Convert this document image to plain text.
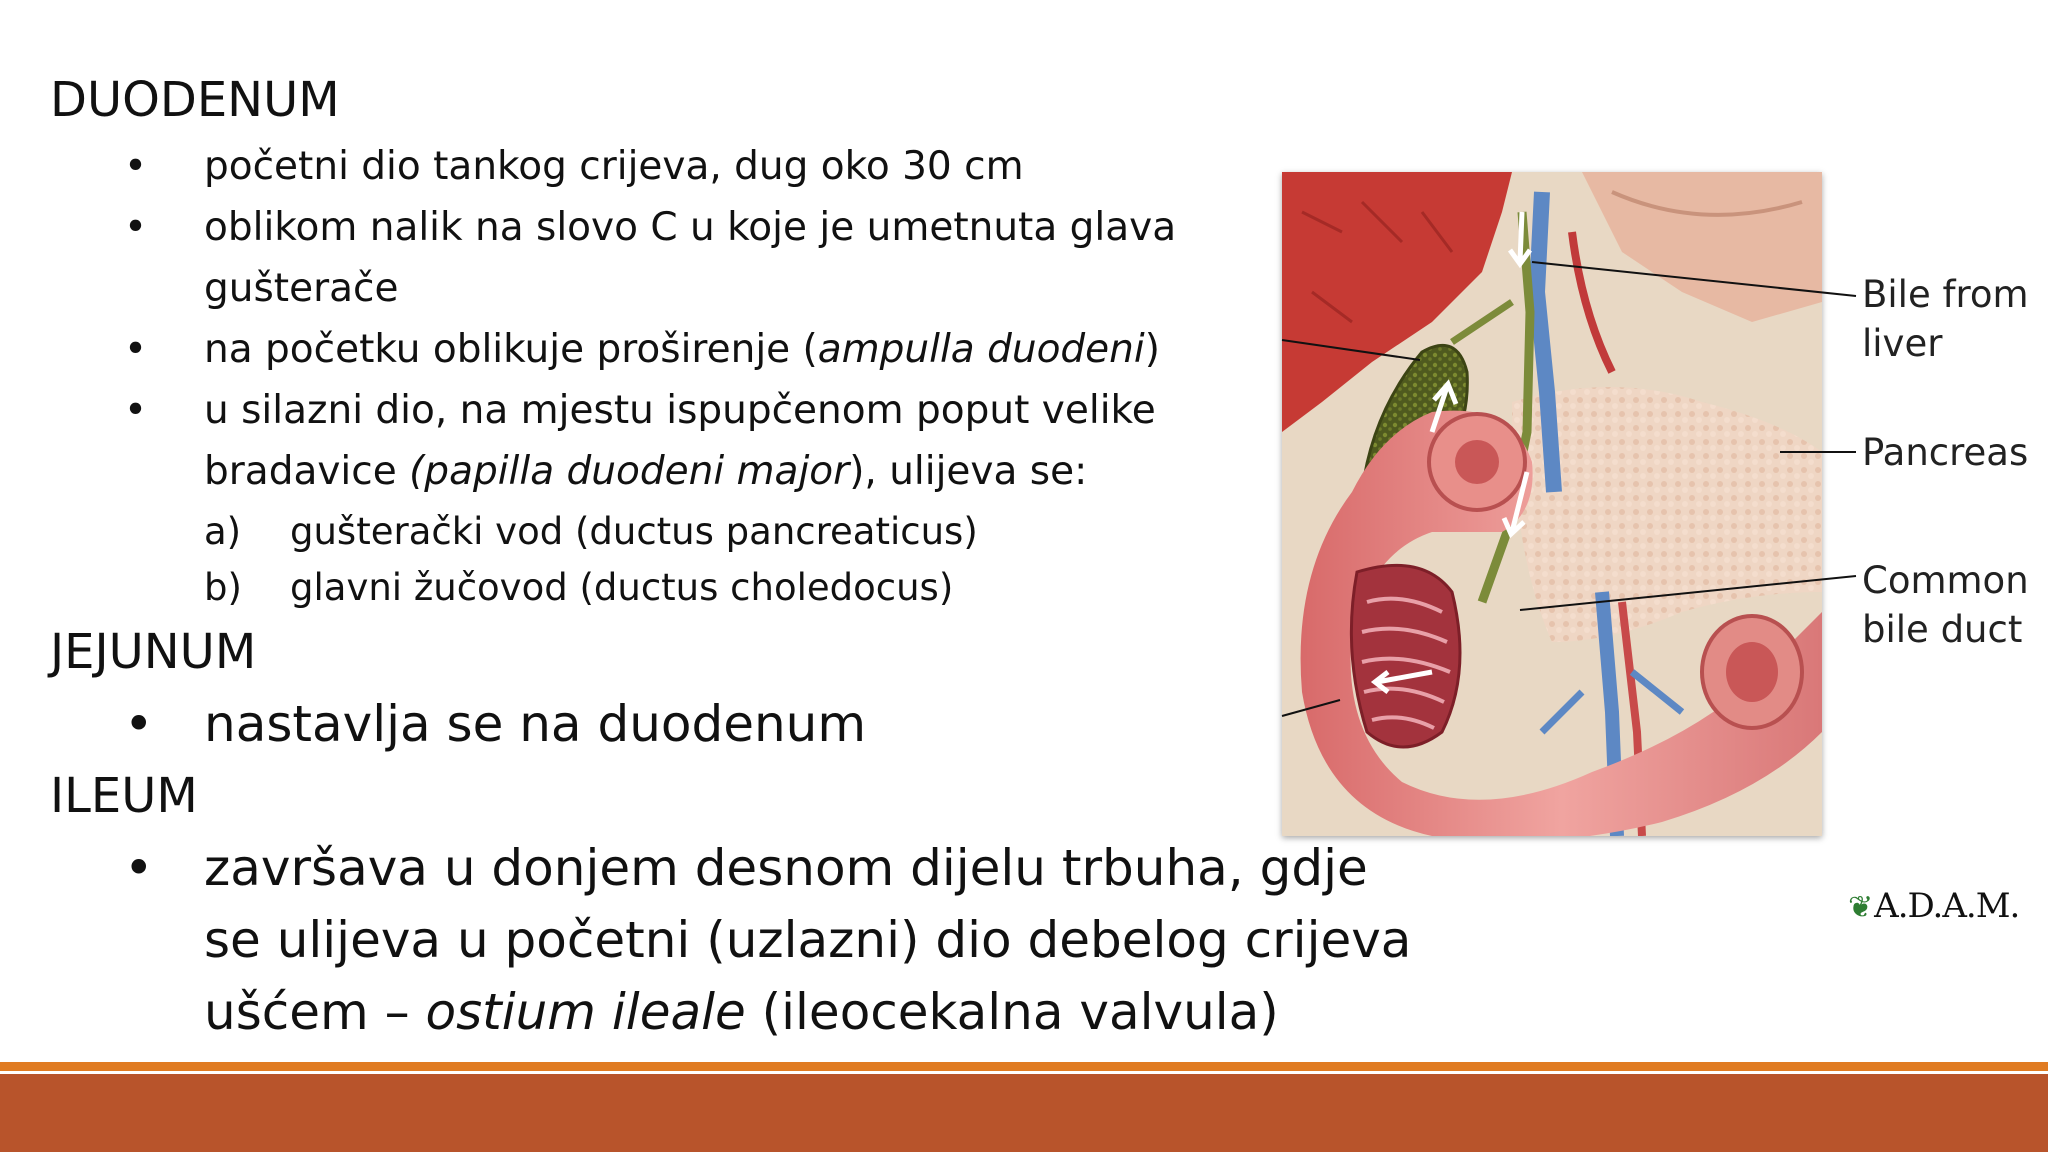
DUODENUM
• početni dio tankog crijeva, dug oko 30 cm
• oblikom nalik na slovo C u koje je umetnuta glava
gušterače
• na početku oblikuje proširenje (ampulla duodeni)
• u silazni dio, na mjestu ispupčenom poput velike
bradavice (papilla duodeni major), ulijeva se:
a) gušterački vod (ductus pancreaticus)
b) glavni žučovod (ductus choledocus)
JEJUNUM
• nastavlja se na duodenum
ILEUM
• završava u donjem desnom dijelu trbuha, gdje
se ulijeva u početni (uzlazni) dio debelog crijeva
ušćem – ostium ileale (ileocekalna valvula)
Bile from
liver
Pancreas
Common
bile duct
❦A.D.A.M.
